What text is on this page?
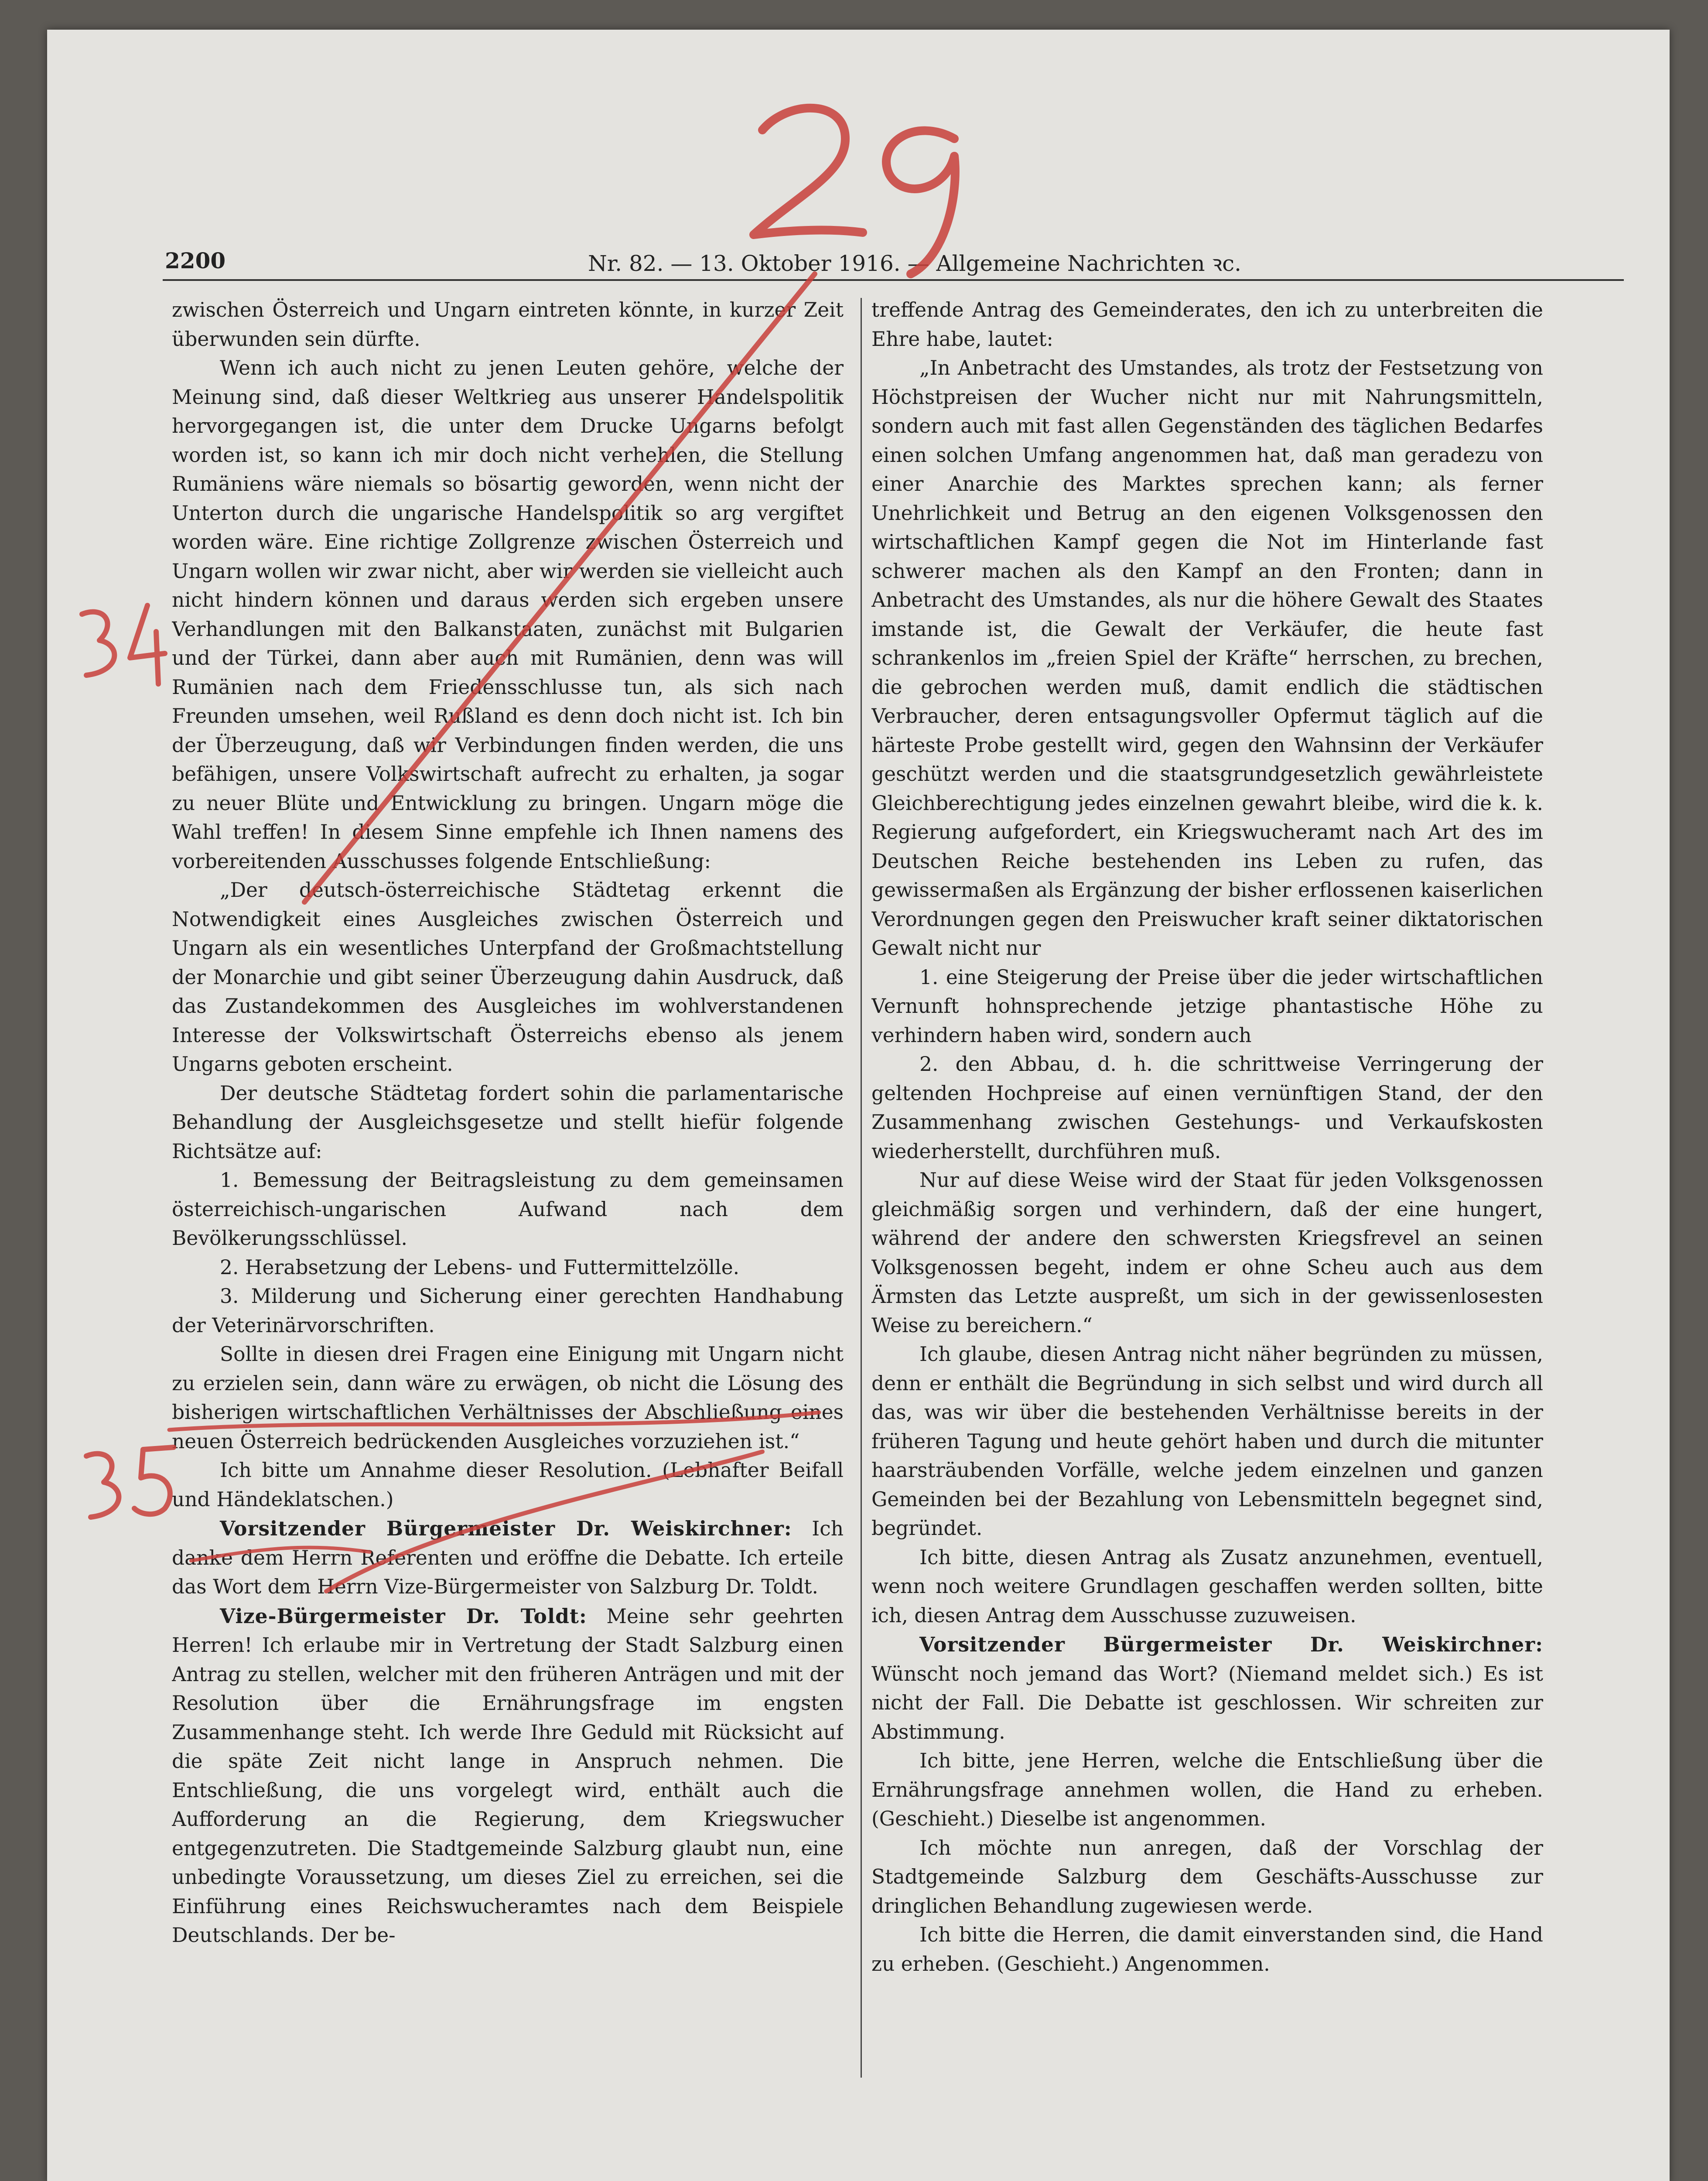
2200	Nr. 82. — 13. Oktober 1916. — Allgemeine Nachrichten ꝛc.

zwischen Österreich und Ungarn eintreten könnte, in kurzer Zeit überwunden sein dürfte.

Wenn ich auch nicht zu jenen Leuten gehöre, welche der Meinung sind, daß dieser Weltkrieg aus unserer Handelspolitik hervorgegangen ist, die unter dem Drucke Ungarns befolgt worden ist, so kann ich mir doch nicht verhehlen, die Stellung Rumäniens wäre niemals so bösartig geworden, wenn nicht der Unterton durch die ungarische Handelspolitik so arg vergiftet worden wäre. Eine richtige Zollgrenze zwischen Österreich und Ungarn wollen wir zwar nicht, aber wir werden sie vielleicht auch nicht hindern können und daraus werden sich ergeben unsere Verhandlungen mit den Balkanstaaten, zunächst mit Bulgarien und der Türkei, dann aber auch mit Rumänien, denn was will Rumänien nach dem Friedensschlusse tun, als sich nach Freunden umsehen, weil Rußland es denn doch nicht ist. Ich bin der Überzeugung, daß wir Verbindungen finden werden, die uns befähigen, unsere Volkswirtschaft aufrecht zu erhalten, ja sogar zu neuer Blüte und Entwicklung zu bringen. Ungarn möge die Wahl treffen! In diesem Sinne empfehle ich Ihnen namens des vorbereitenden Ausschusses folgende Entschließung:

„Der deutsch-österreichische Städtetag erkennt die Notwendigkeit eines Ausgleiches zwischen Österreich und Ungarn als ein wesentliches Unterpfand der Großmachtstellung der Monarchie und gibt seiner Überzeugung dahin Ausdruck, daß das Zustandekommen des Ausgleiches im wohlverstandenen Interesse der Volkswirtschaft Österreichs ebenso als jenem Ungarns geboten erscheint.

Der deutsche Städtetag fordert sohin die parlamentarische Behandlung der Ausgleichsgesetze und stellt hiefür folgende Richtsätze auf:

1. Bemessung der Beitragsleistung zu dem gemeinsamen österreichisch-ungarischen Aufwand nach dem Bevölkerungsschlüssel.

2. Herabsetzung der Lebens- und Futtermittelzölle.

3. Milderung und Sicherung einer gerechten Handhabung der Veterinärvorschriften.

Sollte in diesen drei Fragen eine Einigung mit Ungarn nicht zu erzielen sein, dann wäre zu erwägen, ob nicht die Lösung des bisherigen wirtschaftlichen Verhältnisses der Abschließung eines neuen Österreich bedrückenden Ausgleiches vorzuziehen ist.“

Ich bitte um Annahme dieser Resolution. (Lebhafter Beifall und Händeklatschen.)

Vorsitzender Bürgermeister Dr. Weiskirchner: Ich danke dem Herrn Referenten und eröffne die Debatte. Ich erteile das Wort dem Herrn Vize-Bürgermeister von Salzburg Dr. Toldt.

Vize-Bürgermeister Dr. Toldt: Meine sehr geehrten Herren! Ich erlaube mir in Vertretung der Stadt Salzburg einen Antrag zu stellen, welcher mit den früheren Anträgen und mit der Resolution über die Ernährungsfrage im engsten Zusammenhange steht. Ich werde Ihre Geduld mit Rücksicht auf die späte Zeit nicht lange in Anspruch nehmen. Die Entschließung, die uns vorgelegt wird, enthält auch die Aufforderung an die Regierung, dem Kriegswucher entgegenzutreten. Die Stadtgemeinde Salzburg glaubt nun, eine unbedingte Voraussetzung, um dieses Ziel zu erreichen, sei die Einführung eines Reichswucheramtes nach dem Beispiele Deutschlands. Der be-

treffende Antrag des Gemeinderates, den ich zu unterbreiten die Ehre habe, lautet:

„In Anbetracht des Umstandes, als trotz der Festsetzung von Höchstpreisen der Wucher nicht nur mit Nahrungsmitteln, sondern auch mit fast allen Gegenständen des täglichen Bedarfes einen solchen Umfang angenommen hat, daß man geradezu von einer Anarchie des Marktes sprechen kann; als ferner Unehrlichkeit und Betrug an den eigenen Volksgenossen den wirtschaftlichen Kampf gegen die Not im Hinterlande fast schwerer machen als den Kampf an den Fronten; dann in Anbetracht des Umstandes, als nur die höhere Gewalt des Staates imstande ist, die Gewalt der Verkäufer, die heute fast schrankenlos im „freien Spiel der Kräfte“ herrschen, zu brechen, die gebrochen werden muß, damit endlich die städtischen Verbraucher, deren entsagungsvoller Opfermut täglich auf die härteste Probe gestellt wird, gegen den Wahnsinn der Verkäufer geschützt werden und die staatsgrundgesetzlich gewährleistete Gleichberechtigung jedes einzelnen gewahrt bleibe, wird die k. k. Regierung aufgefordert, ein Kriegswucheramt nach Art des im Deutschen Reiche bestehenden ins Leben zu rufen, das gewissermaßen als Ergänzung der bisher erflossenen kaiserlichen Verordnungen gegen den Preiswucher kraft seiner diktatorischen Gewalt nicht nur

1. eine Steigerung der Preise über die jeder wirtschaftlichen Vernunft hohnsprechende jetzige phantastische Höhe zu verhindern haben wird, sondern auch

2. den Abbau, d. h. die schrittweise Verringerung der geltenden Hochpreise auf einen vernünftigen Stand, der den Zusammenhang zwischen Gestehungs- und Verkaufskosten wiederherstellt, durchführen muß.

Nur auf diese Weise wird der Staat für jeden Volksgenossen gleichmäßig sorgen und verhindern, daß der eine hungert, während der andere den schwersten Kriegsfrevel an seinen Volksgenossen begeht, indem er ohne Scheu auch aus dem Ärmsten das Letzte auspreßt, um sich in der gewissenlosesten Weise zu bereichern.“

Ich glaube, diesen Antrag nicht näher begründen zu müssen, denn er enthält die Begründung in sich selbst und wird durch all das, was wir über die bestehenden Verhältnisse bereits in der früheren Tagung und heute gehört haben und durch die mitunter haarsträubenden Vorfälle, welche jedem einzelnen und ganzen Gemeinden bei der Bezahlung von Lebensmitteln begegnet sind, begründet.

Ich bitte, diesen Antrag als Zusatz anzunehmen, eventuell, wenn noch weitere Grundlagen geschaffen werden sollten, bitte ich, diesen Antrag dem Ausschusse zuzuweisen.

Vorsitzender Bürgermeister Dr. Weiskirchner: Wünscht noch jemand das Wort? (Niemand meldet sich.) Es ist nicht der Fall. Die Debatte ist geschlossen. Wir schreiten zur Abstimmung.

Ich bitte, jene Herren, welche die Entschließung über die Ernährungsfrage annehmen wollen, die Hand zu erheben. (Geschieht.) Dieselbe ist angenommen.

Ich möchte nun anregen, daß der Vorschlag der Stadtgemeinde Salzburg dem Geschäfts-Ausschusse zur dringlichen Behandlung zugewiesen werde.

Ich bitte die Herren, die damit einverstanden sind, die Hand zu erheben. (Geschieht.) Angenommen.
